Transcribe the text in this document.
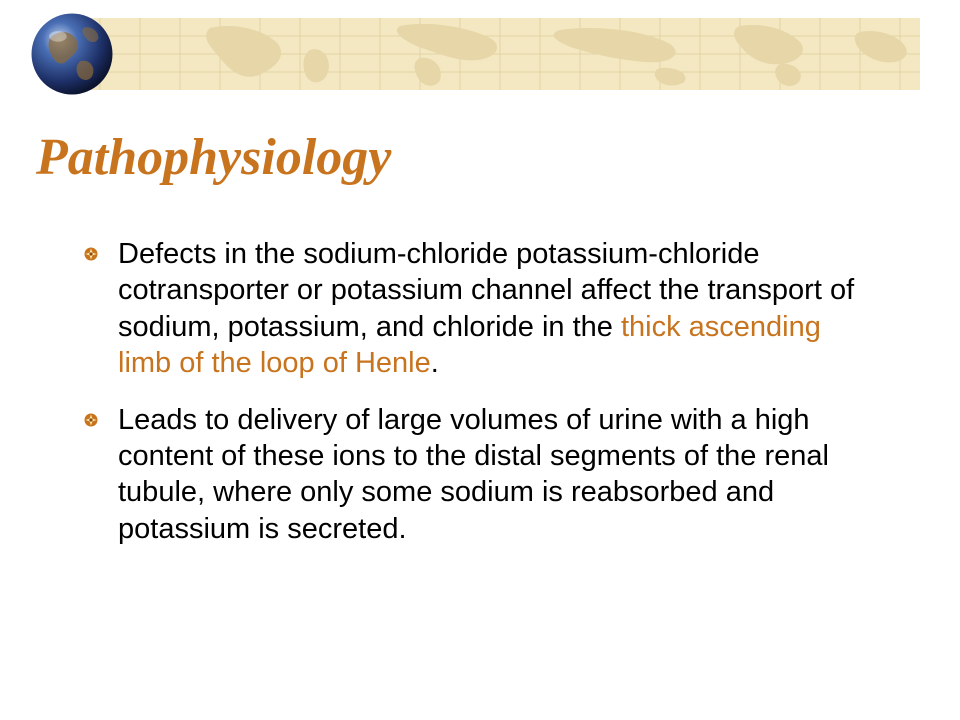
Pathophysiology
Defects in the sodium-chloride potassium-chloride cotransporter or potassium channel affect the transport of sodium, potassium, and chloride in the thick ascending limb of the loop of Henle.
Leads to delivery of large volumes of urine with a high content of these ions to the distal segments of the renal tubule, where only some sodium is reabsorbed and potassium is secreted.
